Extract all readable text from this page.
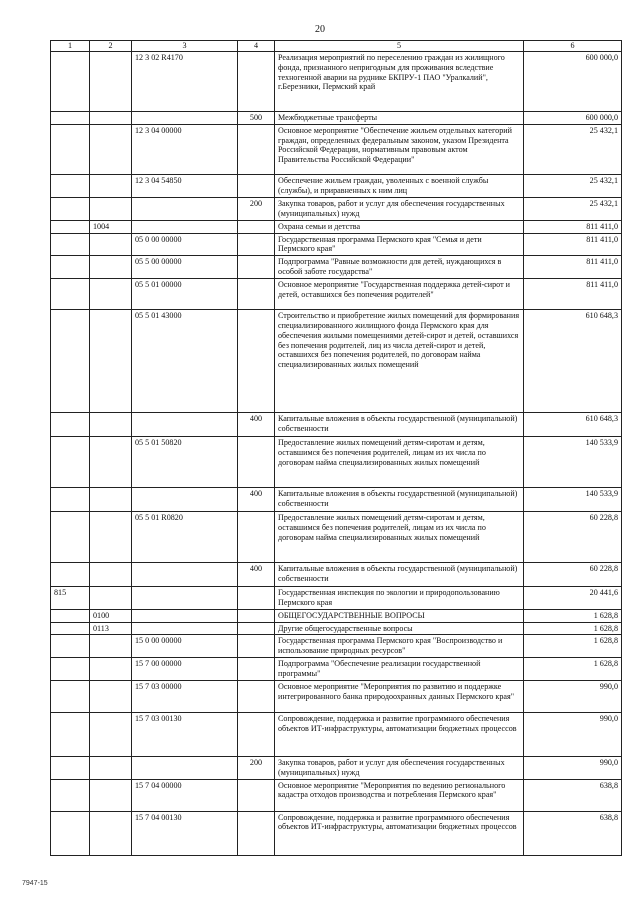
20
1	2	3	4	5	6
		12 3 02 R4170		Реализация мероприятий по переселению граждан из жилищного фонда, признанного непригодным для проживания вследствие техногенной аварии на руднике БКПРУ-1 ПАО "Уралкалий", г.Березники, Пермский край	600 000,0
			500	Межбюджетные трансферты	600 000,0
		12 3 04 00000		Основное мероприятие "Обеспечение жильем отдельных категорий граждан, определенных федеральным законом, указом Президента Российской Федерации, нормативным правовым актом Правительства Российской Федерации"	25 432,1
		12 3 04 54850		Обеспечение жильем граждан, уволенных с военной службы (службы), и приравненных к ним лиц	25 432,1
			200	Закупка товаров, работ и услуг для обеспечения государственных (муниципальных) нужд	25 432,1
	1004			Охрана семьи и детства	811 411,0
		05 0 00 00000		Государственная программа Пермского края "Семья и дети Пермского края"	811 411,0
		05 5 00 00000		Подпрограмма "Равные возможности для детей, нуждающихся в особой заботе государства"	811 411,0
		05 5 01 00000		Основное мероприятие "Государственная поддержка детей-сирот и детей, оставшихся без попечения родителей"	811 411,0
		05 5 01 43000		Строительство и приобретение жилых помещений для формирования специализированного жилищного фонда Пермского края для обеспечения жилыми помещениями детей-сирот и детей, оставшихся без попечения родителей, лиц из числа детей-сирот и детей, оставшихся без попечения родителей, по договорам найма специализированных жилых помещений	610 648,3
			400	Капитальные вложения в объекты государственной (муниципальной) собственности	610 648,3
		05 5 01 50820		Предоставление жилых помещений детям-сиротам и детям, оставшимся без попечения родителей, лицам из их числа по договорам найма специализированных жилых помещений	140 533,9
			400	Капитальные вложения в объекты государственной (муниципальной) собственности	140 533,9
		05 5 01 R0820		Предоставление жилых помещений детям-сиротам и детям, оставшимся без попечения родителей, лицам из их числа по договорам найма специализированных жилых помещений	60 228,8
			400	Капитальные вложения в объекты государственной (муниципальной) собственности	60 228,8
815				Государственная инспекция по экологии и природопользованию Пермского края	20 441,6
	0100			ОБЩЕГОСУДАРСТВЕННЫЕ ВОПРОСЫ	1 628,8
	0113			Другие общегосударственные вопросы	1 628,8
		15 0 00 00000		Государственная программа Пермского края "Воспроизводство и использование природных ресурсов"	1 628,8
		15 7 00 00000		Подпрограмма "Обеспечение реализации государственной программы"	1 628,8
		15 7 03 00000		Основное мероприятие "Мероприятия по развитию и поддержке интегрированного банка природоохранных данных Пермского края"	990,0
		15 7 03 00130		Сопровождение, поддержка и развитие программного обеспечения объектов ИТ-инфраструктуры, автоматизации бюджетных процессов	990,0
			200	Закупка товаров, работ и услуг для обеспечения государственных (муниципальных) нужд	990,0
		15 7 04 00000		Основное мероприятие "Мероприятия по ведению регионального кадастра отходов производства и потребления Пермского края"	638,8
		15 7 04 00130		Сопровождение, поддержка и развитие программного обеспечения объектов ИТ-инфраструктуры, автоматизации бюджетных процессов	638,8
7947-15
